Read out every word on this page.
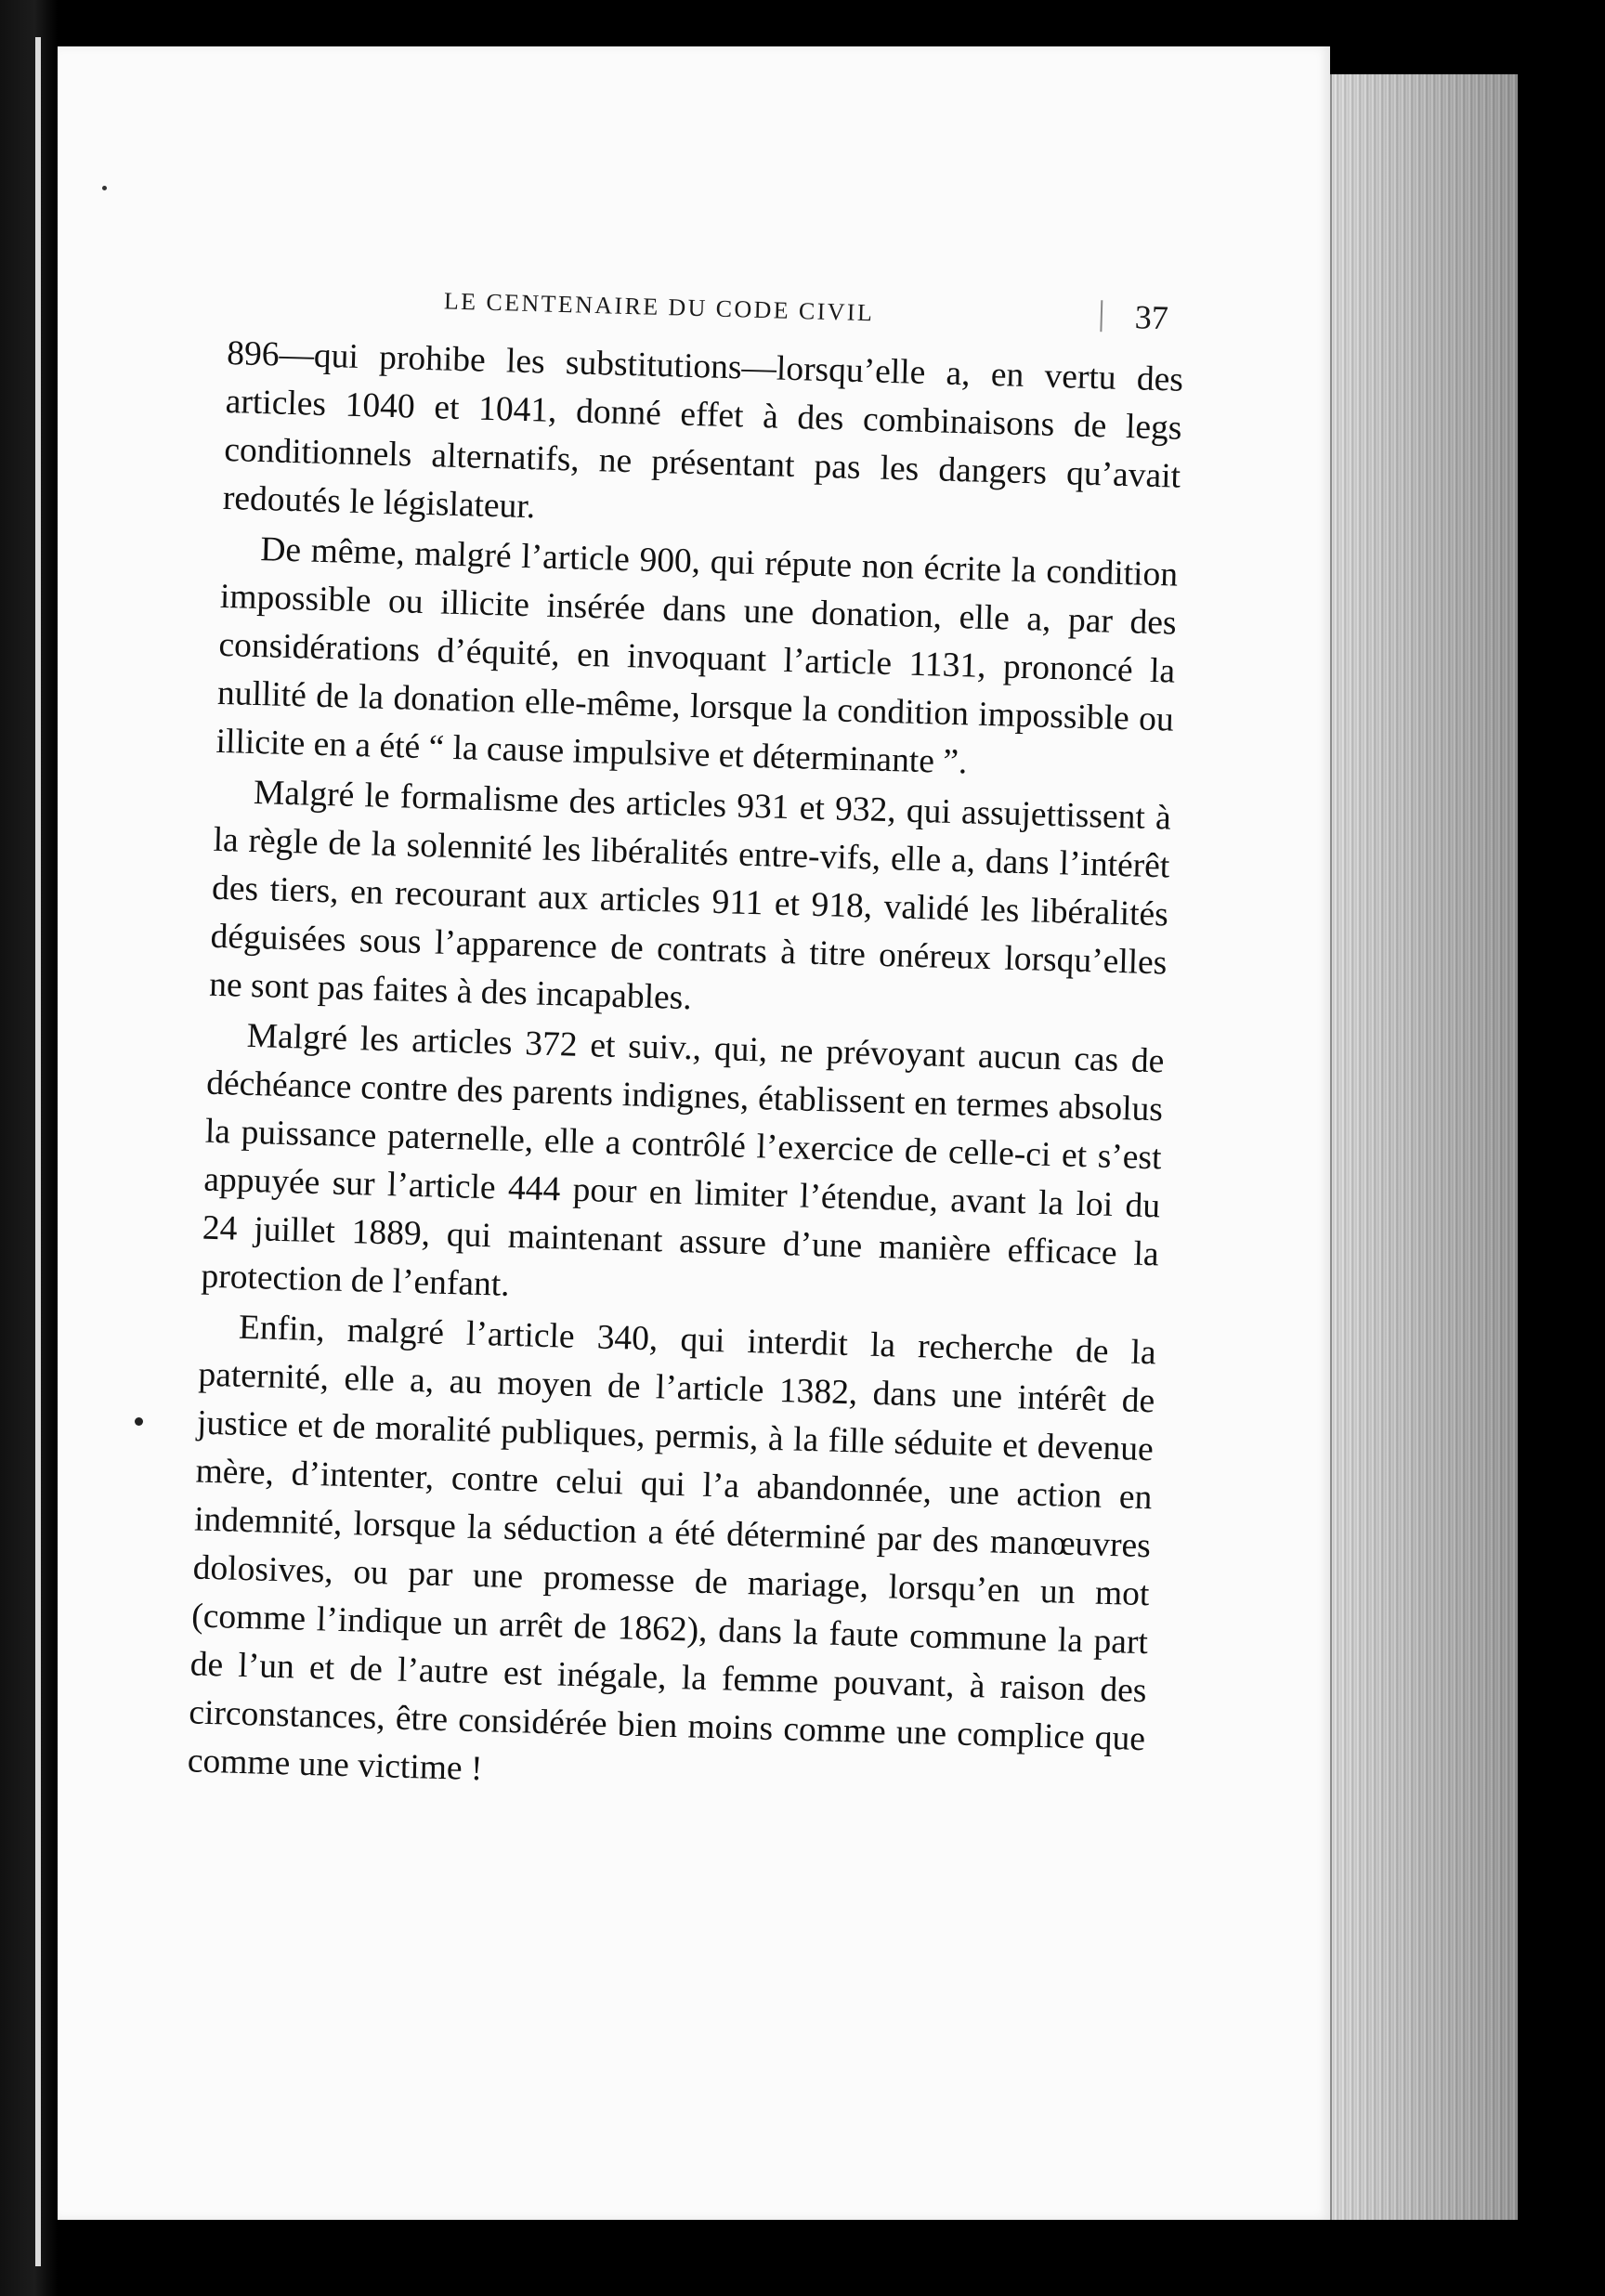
LE CENTENAIRE DU CODE CIVIL	37

896—qui prohibe les substitutions—lorsqu’elle a, en vertu des articles 1040 et 1041, donné effet à des combinaisons de legs conditionnels alternatifs, ne présentant pas les dangers qu’avait redoutés le législateur.

De même, malgré l’article 900, qui répute non écrite la condition impossible ou illicite insérée dans une donation, elle a, par des considérations d’équité, en invoquant l’article 1131, prononcé la nullité de la donation elle-même, lorsque la condition impossible ou illicite en a été “ la cause impulsive et déterminante ”.

Malgré le formalisme des articles 931 et 932, qui assujettissent à la règle de la solennité les libéralités entre-vifs, elle a, dans l’intérêt des tiers, en recourant aux articles 911 et 918, validé les libéralités déguisées sous l’apparence de contrats à titre onéreux lorsqu’elles ne sont pas faites à des incapables.

Malgré les articles 372 et suiv., qui, ne prévoyant aucun cas de déchéance contre des parents indignes, établissent en termes absolus la puissance paternelle, elle a contrôlé l’exercice de celle-ci et s’est appuyée sur l’article 444 pour en limiter l’étendue, avant la loi du 24 juillet 1889, qui maintenant assure d’une manière efficace la protection de l’enfant.

Enfin, malgré l’article 340, qui interdit la recherche de la paternité, elle a, au moyen de l’article 1382, dans une intérêt de justice et de moralité publiques, permis, à la fille séduite et devenue mère, d’intenter, contre celui qui l’a abandonnée, une action en indemnité, lorsque la séduction a été déterminé par des manœuvres dolosives, ou par une promesse de mariage, lorsqu’en un mot (comme l’indique un arrêt de 1862), dans la faute commune la part de l’un et de l’autre est inégale, la femme pouvant, à raison des circonstances, être considérée bien moins comme une complice que comme une victime !
